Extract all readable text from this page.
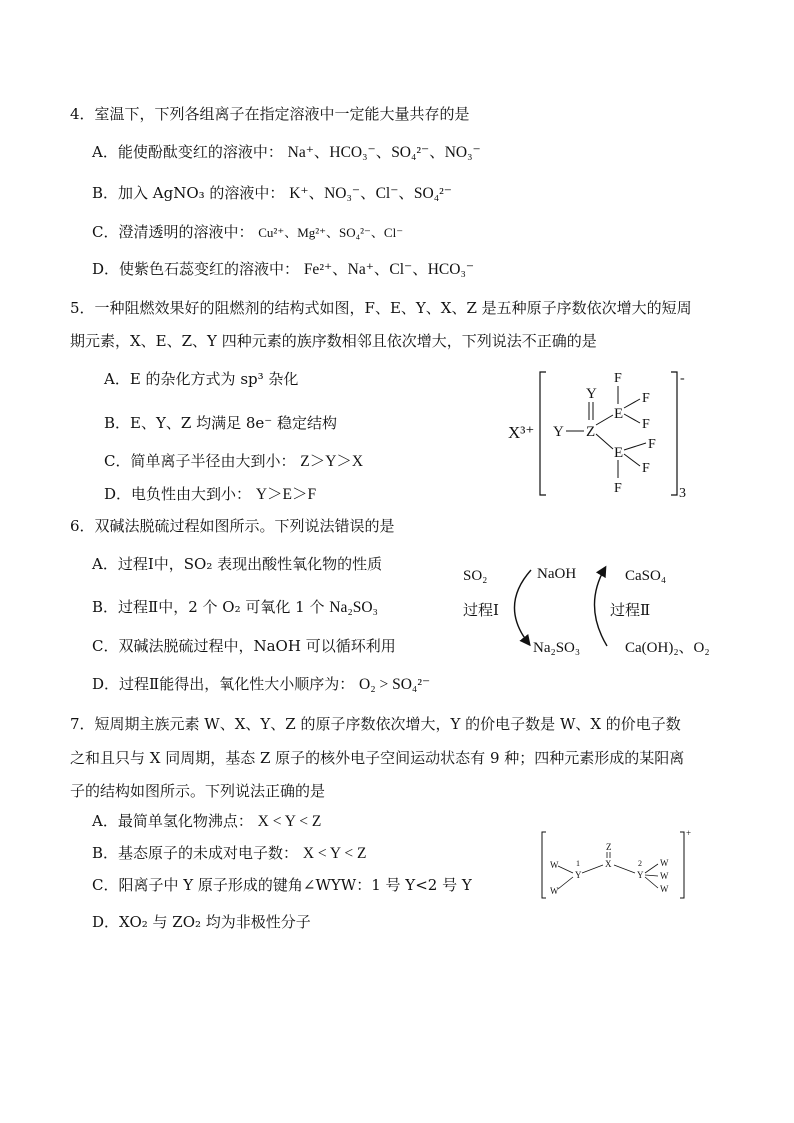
4．室温下，下列各组离子在指定溶液中一定能大量共存的是
A．能使酚酞变红的溶液中： Na⁺、HCO₃⁻、SO₄²⁻、NO₃⁻
B．加入 AgNO₃ 的溶液中： K⁺、NO₃⁻、Cl⁻、SO₄²⁻
C．澄清透明的溶液中： Cu²⁺、Mg²⁺、SO₄²⁻、Cl⁻
D．使紫色石蕊变红的溶液中： Fe²⁺、Na⁺、Cl⁻、HCO₃⁻
5．一种阻燃效果好的阻燃剂的结构式如图，F、E、Y、X、Z 是五种原子序数依次增大的短周
期元素，X、E、Z、Y 四种元素的族序数相邻且依次增大，下列说法不正确的是
A．E 的杂化方式为 sp³ 杂化
B．E、Y、Z 均满足 8e⁻ 稳定结构
C．简单离子半径由大到小： Z＞Y＞X
D．电负性由大到小： Y＞E＞F
X³⁺
-
3
Y Z
Y
E
E
F
F
F
F
F
F
6．双碱法脱硫过程如图所示。下列说法错误的是
A．过程Ⅰ中，SO₂ 表现出酸性氧化物的性质
B．过程Ⅱ中，2 个 O₂ 可氧化 1 个 Na₂SO₃
C．双碱法脱硫过程中，NaOH 可以循环利用
D．过程Ⅱ能得出，氧化性大小顺序为： O₂ > SO₄²⁻
SO₂	NaOH	CaSO₄
过程Ⅰ	过程Ⅱ
Na₂SO₃	Ca(OH)₂、O₂
7．短周期主族元素 W、X、Y、Z 的原子序数依次增大，Y 的价电子数是 W、X 的价电子数
之和且只与 X 同周期，基态 Z 原子的核外电子空间运动状态有 9 种；四种元素形成的某阳离
子的结构如图所示。下列说法正确的是
A．最简单氢化物沸点： X < Y < Z
B．基态原子的未成对电子数： X < Y < Z
C．阳离子中 Y 原子形成的键角∠WYW：1 号 Y<2 号 Y
D．XO₂ 与 ZO₂ 均为非极性分子
+
Z
X
Y
1
Y
2
W
W
W
W
W
